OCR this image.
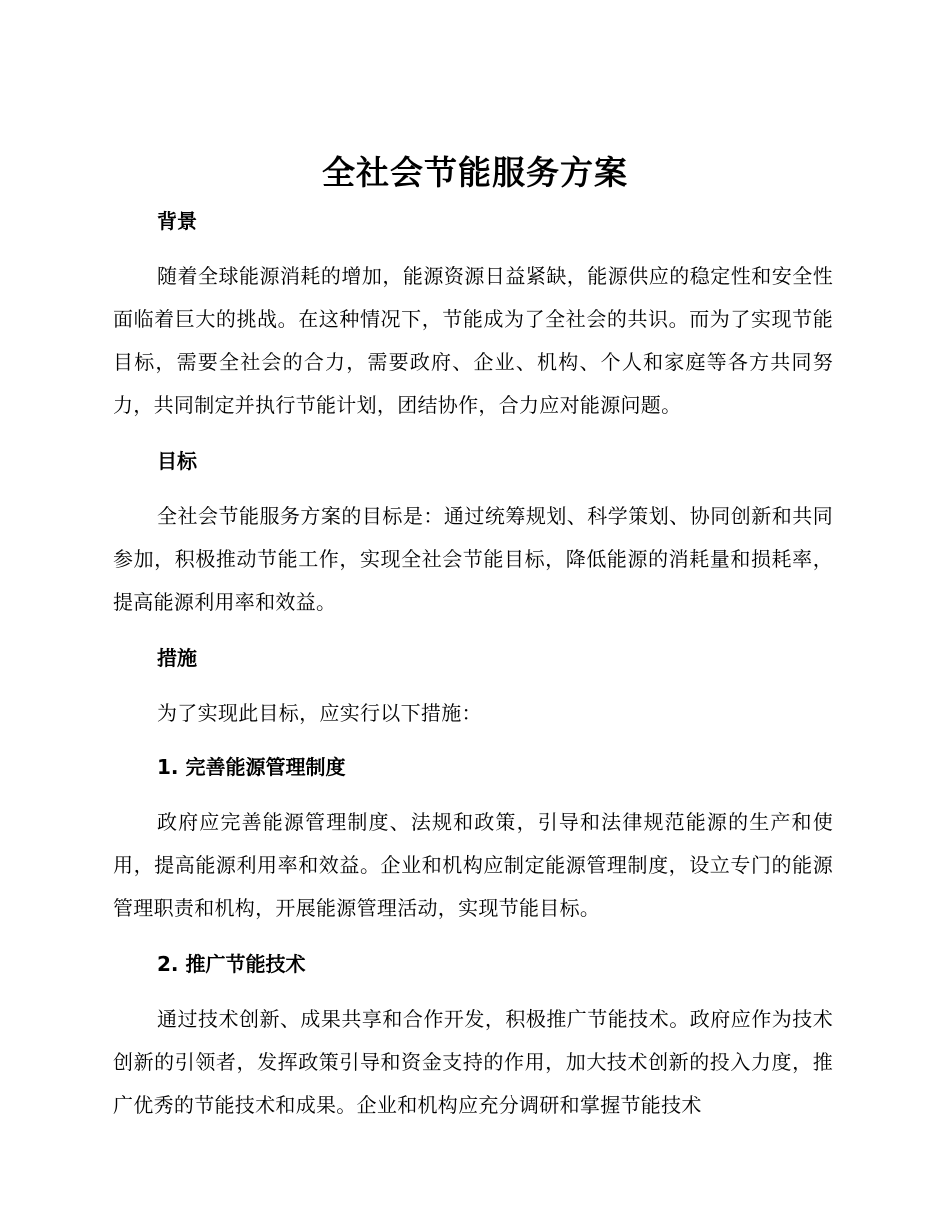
全社会节能服务方案

背景

随着全球能源消耗的增加，能源资源日益紧缺，能源供应的稳定性和安全性面临着巨大的挑战。在这种情况下，节能成为了全社会的共识。而为了实现节能目标，需要全社会的合力，需要政府、企业、机构、个人和家庭等各方共同努力，共同制定并执行节能计划，团结协作，合力应对能源问题。

目标

全社会节能服务方案的目标是：通过统筹规划、科学策划、协同创新和共同参加，积极推动节能工作，实现全社会节能目标，降低能源的消耗量和损耗率，提高能源利用率和效益。

措施

为了实现此目标，应实行以下措施：

1. 完善能源管理制度

政府应完善能源管理制度、法规和政策，引导和法律规范能源的生产和使用，提高能源利用率和效益。企业和机构应制定能源管理制度，设立专门的能源管理职责和机构，开展能源管理活动，实现节能目标。

2. 推广节能技术

通过技术创新、成果共享和合作开发，积极推广节能技术。政府应作为技术创新的引领者，发挥政策引导和资金支持的作用，加大技术创新的投入力度，推广优秀的节能技术和成果。企业和机构应充分调研和掌握节能技术
